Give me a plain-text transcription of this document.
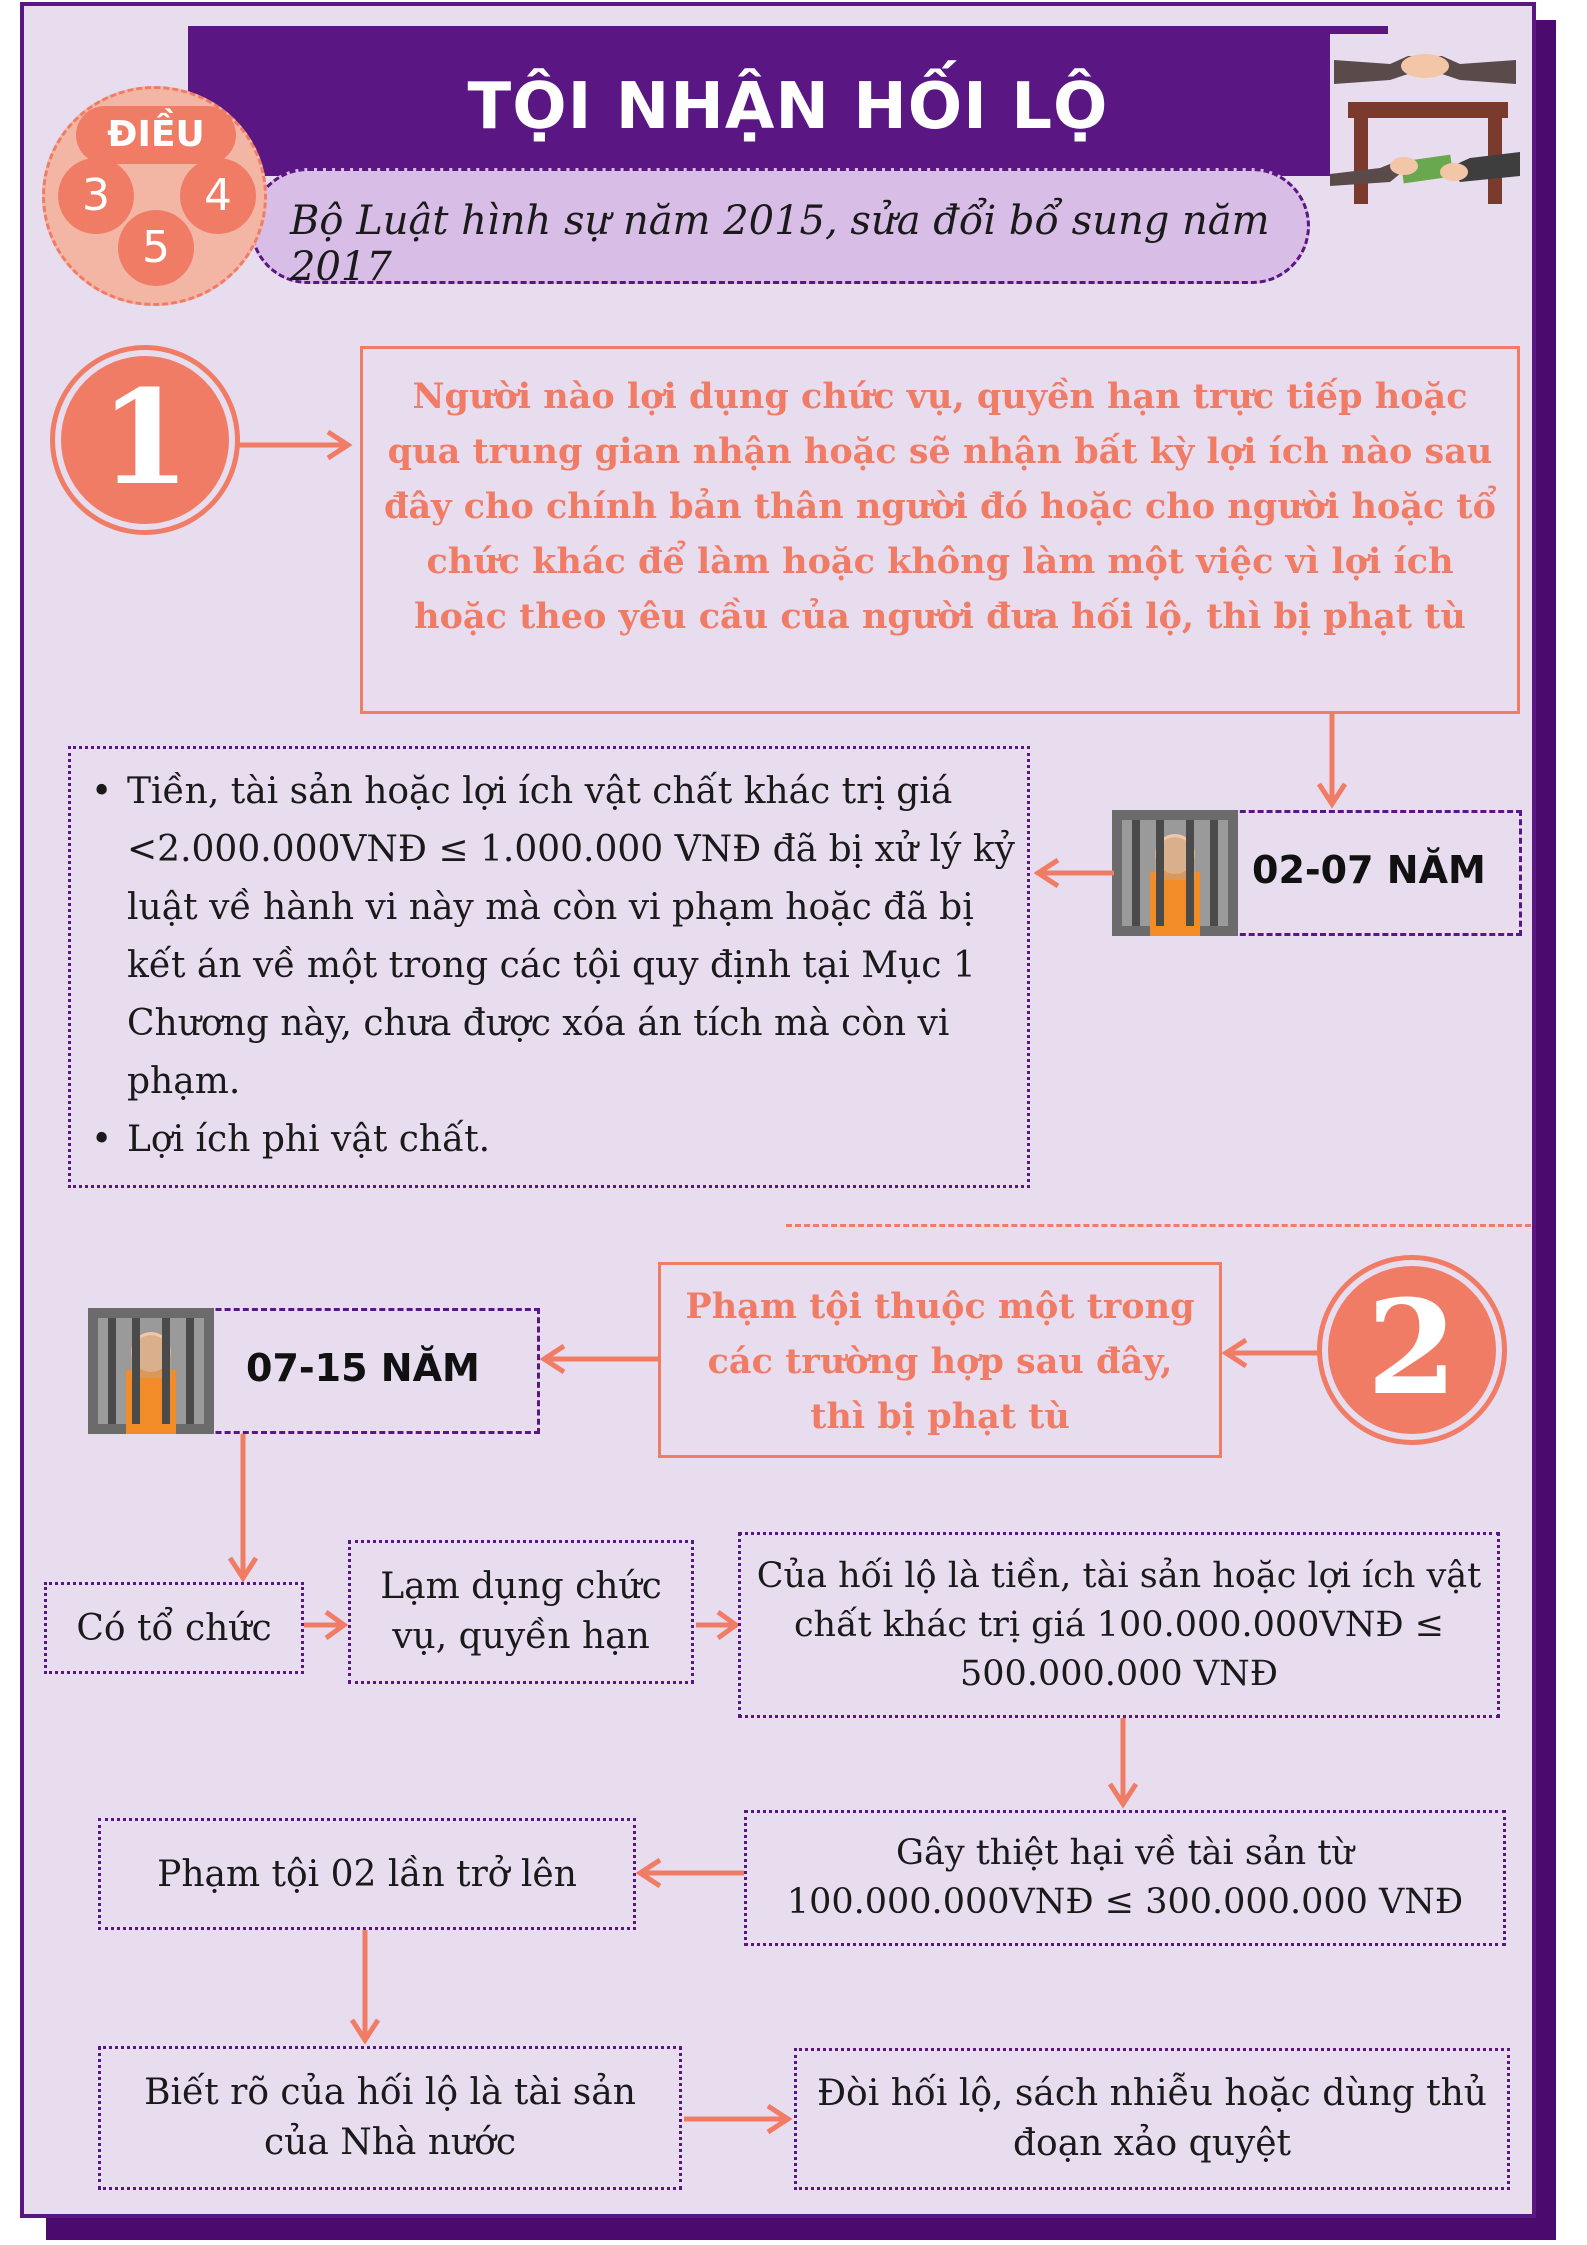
TỘI NHẬN HỐI LỘ
Bộ Luật hình sự năm 2015, sửa đổi bổ sung năm 2017
ĐIỀU
3	4
5
1	Người nào lợi dụng chức vụ, quyền hạn trực tiếp hoặc qua trung gian nhận hoặc sẽ nhận bất kỳ lợi ích nào sau đây cho chính bản thân người đó hoặc cho người hoặc tổ chức khác để làm hoặc không làm một việc vì lợi ích hoặc theo yêu cầu của người đưa hối lộ, thì bị phạt tù
02-07 NĂM
• Tiền, tài sản hoặc lợi ích vật chất khác trị giá <2.000.000VNĐ ≤ 1.000.000 VNĐ đã bị xử lý kỷ luật về hành vi này mà còn vi phạm hoặc đã bị kết án về một trong các tội quy định tại Mục 1 Chương này, chưa được xóa án tích mà còn vi phạm.
• Lợi ích phi vật chất.
2
Phạm tội thuộc một trong các trường hợp sau đây, thì bị phạt tù
07-15 NĂM
Có tổ chức
Lạm dụng chức vụ, quyền hạn
Của hối lộ là tiền, tài sản hoặc lợi ích vật chất khác trị giá 100.000.000VNĐ ≤ 500.000.000 VNĐ
Gây thiệt hại về tài sản từ 100.000.000VNĐ ≤ 300.000.000 VNĐ
Phạm tội 02 lần trở lên
Biết rõ của hối lộ là tài sản của Nhà nước
Đòi hối lộ, sách nhiễu hoặc dùng thủ đoạn xảo quyệt
